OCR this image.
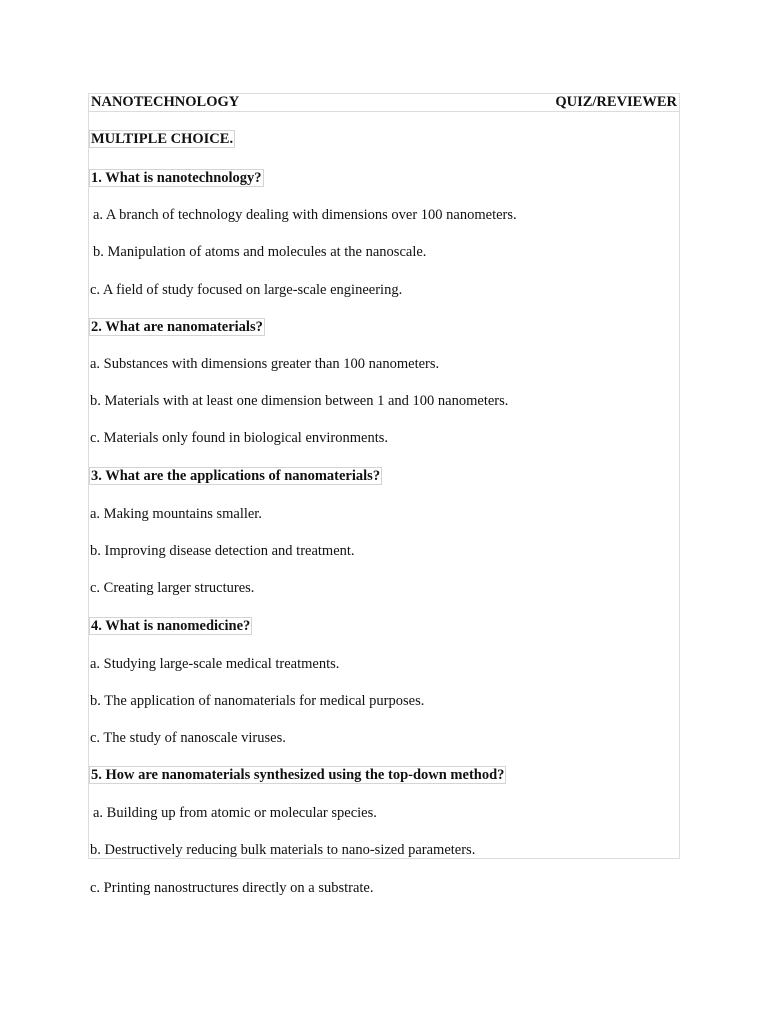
NANOTECHNOLOGY	QUIZ/REVIEWER
MULTIPLE CHOICE.
1. What is nanotechnology?
a. A branch of technology dealing with dimensions over 100 nanometers.
b. Manipulation of atoms and molecules at the nanoscale.
c. A field of study focused on large-scale engineering.
2. What are nanomaterials?
a. Substances with dimensions greater than 100 nanometers.
b. Materials with at least one dimension between 1 and 100 nanometers.
c. Materials only found in biological environments.
3. What are the applications of nanomaterials?
a. Making mountains smaller.
b. Improving disease detection and treatment.
c. Creating larger structures.
4. What is nanomedicine?
a. Studying large-scale medical treatments.
b. The application of nanomaterials for medical purposes.
c. The study of nanoscale viruses.
5. How are nanomaterials synthesized using the top-down method?
a. Building up from atomic or molecular species.
b. Destructively reducing bulk materials to nano-sized parameters.
c. Printing nanostructures directly on a substrate.
